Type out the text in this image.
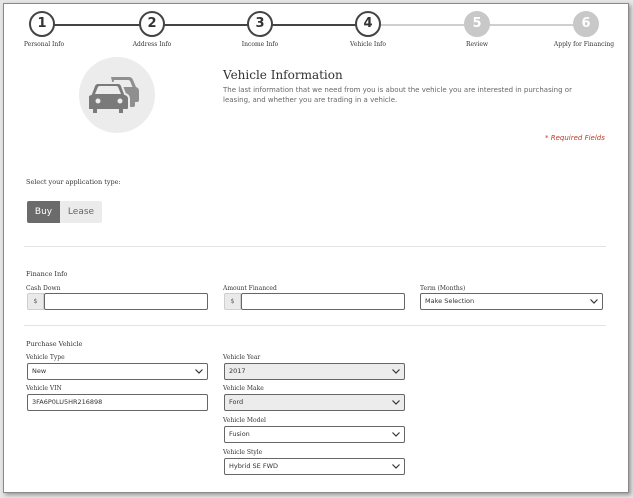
1	2	3	4	5	6
Personal Info	Address Info	Income Info	Vehicle Info	Review	Apply for Financing
Vehicle Information
The last information that we need from you is about the vehicle you are interested in purchasing or leasing, and whether you are trading in a vehicle.
* Required Fields
Select your application type:
Buy	Lease
Finance Info
Cash Down
$
Amount Financed
$
Term (Months)
Make Selection
Purchase Vehicle
Vehicle Type
New
Vehicle VIN
3FA6P0LU5HR216898
Vehicle Year
2017
Vehicle Make
Ford
Vehicle Model
Fusion
Vehicle Style
Hybrid SE FWD
